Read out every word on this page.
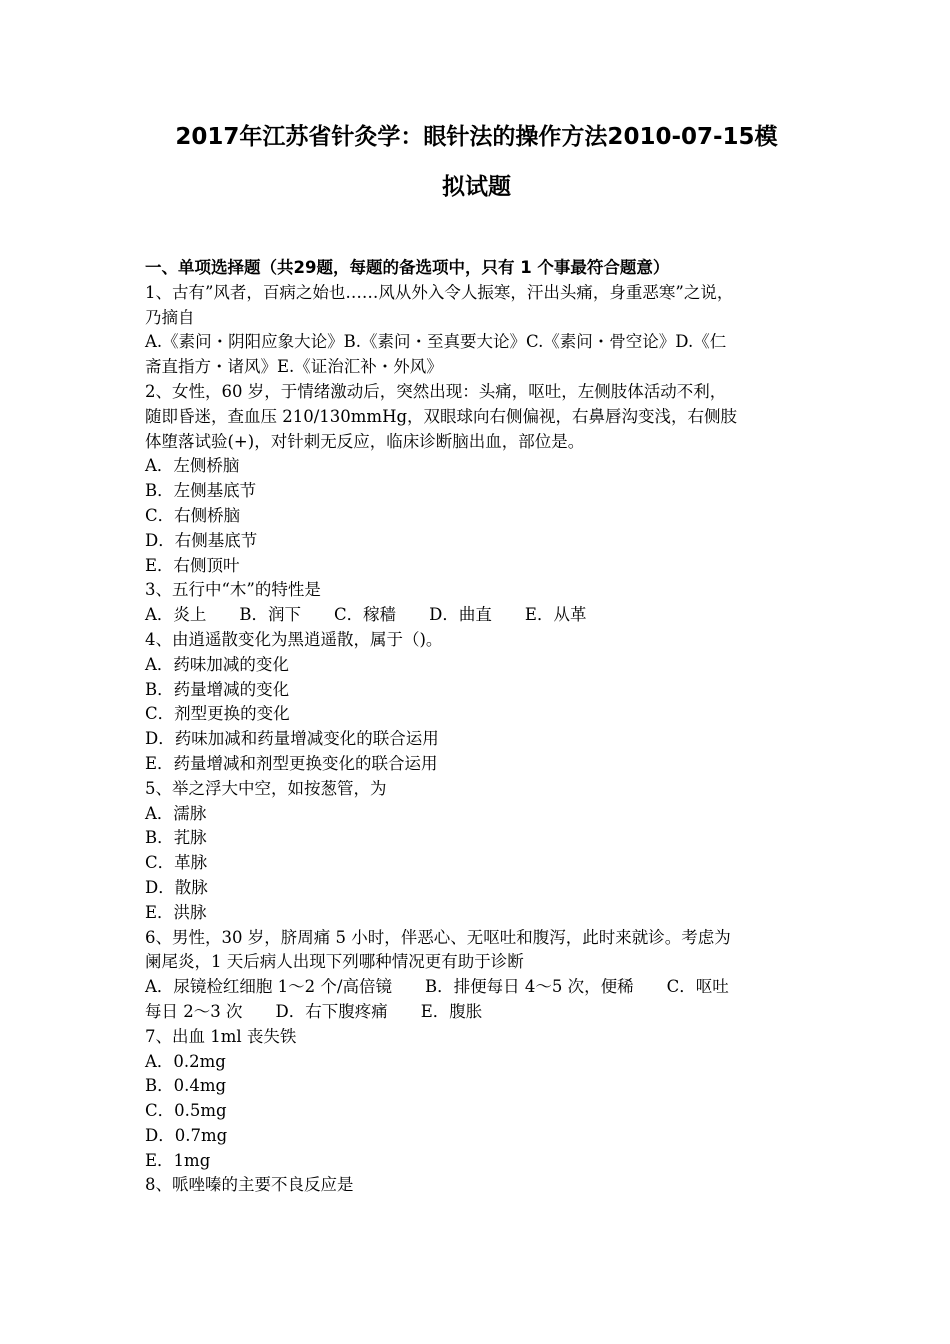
2017年江苏省针灸学：眼针法的操作方法2010-07-15模
拟试题
一、单项选择题（共29题，每题的备选项中，只有 1 个事最符合题意）
1、古有”风者，百病之始也……风从外入令人振寒，汗出头痛，身重恶寒”之说，
乃摘自
A.《素问・阴阳应象大论》B.《素问・至真要大论》C.《素问・骨空论》D.《仁
斋直指方・诸风》E.《证治汇补・外风》
2、女性，60 岁，于情绪激动后，突然出现：头痛，呕吐，左侧肢体活动不利，
随即昏迷，查血压 210/130mmHg，双眼球向右侧偏视，右鼻唇沟变浅，右侧肢
体堕落试验(+)，对针刺无反应，临床诊断脑出血，部位是。
A．左侧桥脑
B．左侧基底节
C．右侧桥脑
D．右侧基底节
E．右侧顶叶
3、五行中“木”的特性是
A．炎上　　B．润下　　C．稼穑　　D．曲直　　E．从革
4、由逍遥散变化为黑逍遥散，属于（)。
A．药味加减的变化
B．药量增减的变化
C．剂型更换的变化
D．药味加减和药量增减变化的联合运用
E．药量增减和剂型更换变化的联合运用
5、举之浮大中空，如按葱管，为
A．濡脉
B．芤脉
C．革脉
D．散脉
E．洪脉
6、男性，30 岁，脐周痛 5 小时，伴恶心、无呕吐和腹泻，此时来就诊。考虑为
阑尾炎，1 天后病人出现下列哪种情况更有助于诊断
A．尿镜检红细胞 1～2 个/高倍镜　　B．排便每日 4～5 次，便稀　　C．呕吐
每日 2～3 次　　D．右下腹疼痛　　E．腹胀
7、出血 1ml 丧失铁
A．0.2mg
B．0.4mg
C．0.5mg
D．0.7mg
E．1mg
8、哌唑嗪的主要不良反应是
